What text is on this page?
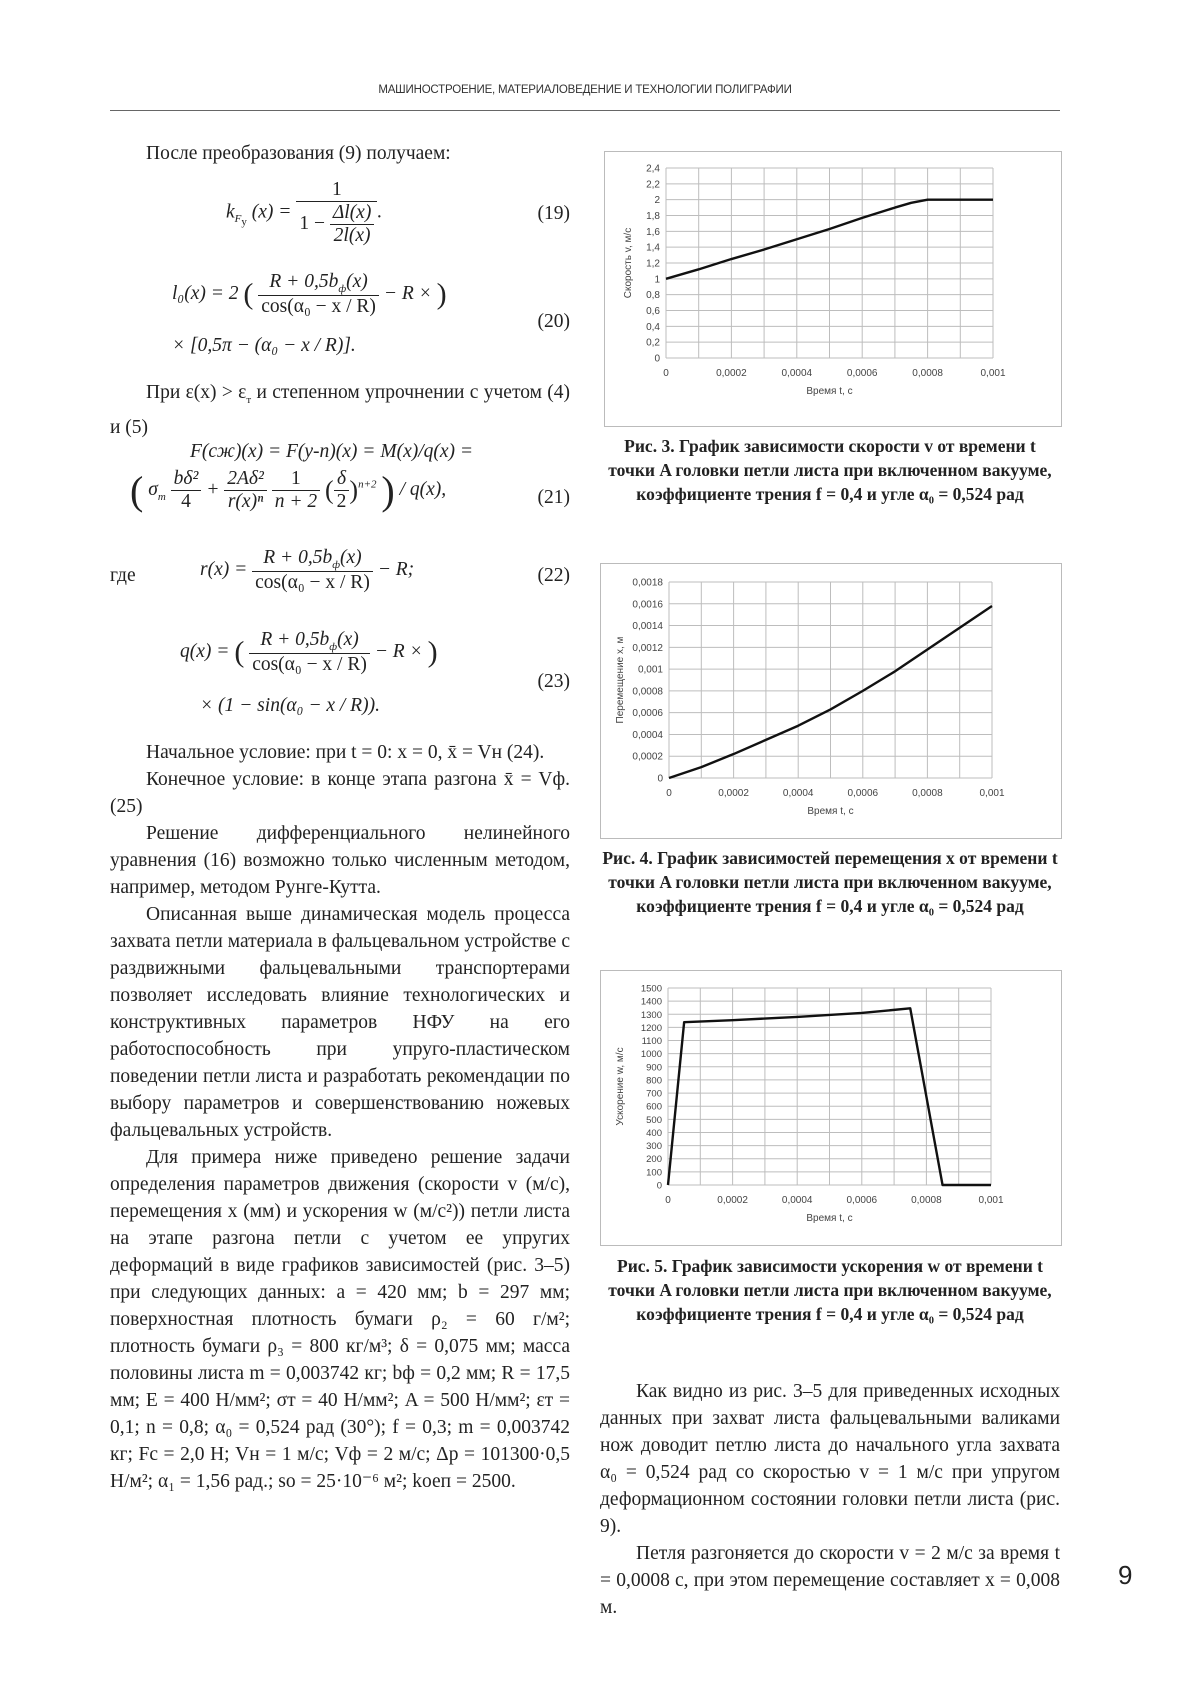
МАШИНОСТРОЕНИЕ, МАТЕРИАЛОВЕДЕНИЕ И ТЕХНОЛОГИИ ПОЛИГРАФИИ

После преобразования (9) получаем:

$k_{F_у}$ $(x) = \frac{1}{1 - \frac{\Delta l(x)}{2l(x)}}$ .	(19)
l₀(x) = 2 ( $\frac{R + 0,5b_ф(x)}{\text{cos(α₀ − x / R)}} - R$ × )
× [0,5π − (α₀ − x / R)].
(20)

При $\varepsilon(x) > \varepsilon_т$ и степенном упрочнении с учетом (4) и (5)

F(сж)(x) = F(у-п)(x) = M(x)/q(x) =
( $\sigma_т \frac{\text{bδ²}}{4} + \frac{\text{2Aδ²}}{\text{r(x)ⁿ}}$
$\frac{1}{n + 2}$ ( $\frac{\delta}{2} )^{n+2}$ ) / q(x),	(21)
где	$r(x) = \frac{R + 0,5b_ф(x)}{\text{cos(α₀ − x / R)}} - R$;	(22)
q(x) = ( $\frac{R + 0,5b_ф(x)}{\text{cos(α₀ − x / R)}} - R$ × )
× (1 − sin(α₀ − x / R)).
(23)

Начальное условие: при t = 0: x = 0, x̄ = Vн (24).

Конечное условие: в конце этапа разгона x̄ = Vф. (25)

Решение дифференциального нелинейного уравнения (16) возможно только численным методом, например, методом Рунге-Кутта.

Описанная выше динамическая модель процесса захвата петли материала в фальцевальном устройстве с раздвижными фальцевальными транспортерами позволяет исследовать влияние технологических и конструктивных параметров НФУ на его работоспособность при упруго-пластическом поведении петли листа и разработать рекомендации по выбору параметров и совершенствованию ножевых фальцевальных устройств.

Для примера ниже приведено решение задачи определения параметров движения (скорости v (м/с), перемещения x (мм) и ускорения w (м/с²)) петли листа на этапе разгона петли с учетом ее упругих деформаций в виде графиков зависимостей (рис. 3–5) при следующих данных: a = 420 мм; b = 297 мм; поверхностная плотность бумаги ρ₂ = 60 г/м²; плотность бумаги ρ₃ = 800 кг/м³; δ = 0,075 мм; масса половины листа m = 0,003742 кг; bф = 0,2 мм; R = 17,5 мм; E = 400 Н/мм²; σт = 40 Н/мм²; A = 500 Н/мм²; εт = 0,1; n = 0,8; α₀ = 0,524 рад (30°); f = 0,3; m = 0,003742 кг; Fс = 2,0 Н; Vн = 1 м/с; Vф = 2 м/с; Δp = 101300·0,5 Н/м²; α₁ = 1,56 рад.; sо = 25·10⁻⁶ м²; kоеп = 2500.

0
0,2
0,4
0,6
0,8
1
1,2
1,4
1,6
1,8
2
2,2
2,4
0	0,0002	0,0004	0,0006	0,0008	0,001
Время t, с
Скорость v, м/с
Рис. 3. График зависимости скорости v от времени t точки A головки петли листа при включенном вакууме, коэффициенте трения f = 0,4 и угле α₀ = 0,524 рад
0
0,0002
0,0004
0,0006
0,0008
0,001
0,0012
0,0014
0,0016
0,0018
0	0,0002	0,0004	0,0006	0,0008	0,001
Время t, с
Перемещение x, м
Рис. 4. График зависимостей перемещения x от времени t точки A головки петли листа при включенном вакууме, коэффициенте трения f = 0,4 и угле α₀ = 0,524 рад
0
100
200
300
400
500
600
700
800
900
1000
1100
1200
1300
1400
1500
0	0,0002	0,0004	0,0006	0,0008	0,001
Время t, с
Ускорение w, м/с
Рис. 5. График зависимости ускорения w от времени t точки A головки петли листа при включенном вакууме, коэффициенте трения f = 0,4 и угле α₀ = 0,524 рад

Как видно из рис. 3–5 для приведенных исходных данных при захват листа фальцевальными валиками нож доводит петлю листа до начального угла захвата α₀ = 0,524 рад со скоростью v = 1 м/с при упругом деформационном состоянии головки петли листа (рис. 9).

Петля разгоняется до скорости v = 2 м/с за время t = 0,0008 с, при этом перемещение составляет x = 0,008 м.

9
